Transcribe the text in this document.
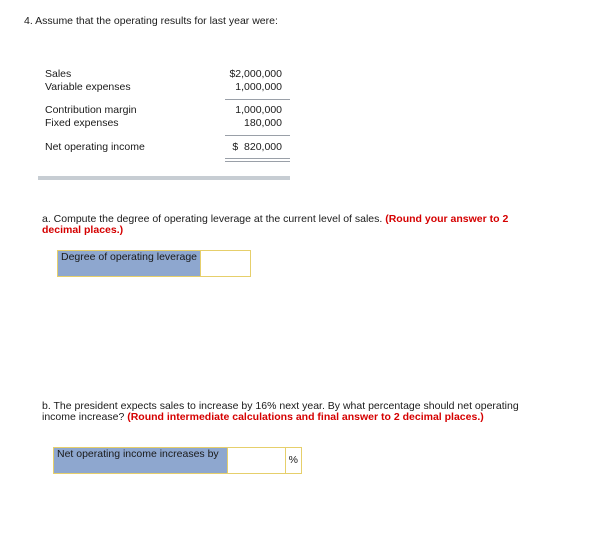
4. Assume that the operating results for last year were:
Sales	$2,000,000
Variable expenses	1,000,000
Contribution margin	1,000,000
Fixed expenses	180,000
Net operating income	$ 820,000
a. Compute the degree of operating leverage at the current level of sales. (Round your answer to 2 decimal places.)
Degree of operating leverage
b. The president expects sales to increase by 16% next year. By what percentage should net operating income increase? (Round intermediate calculations and final answer to 2 decimal places.)
Net operating income increases by	%
